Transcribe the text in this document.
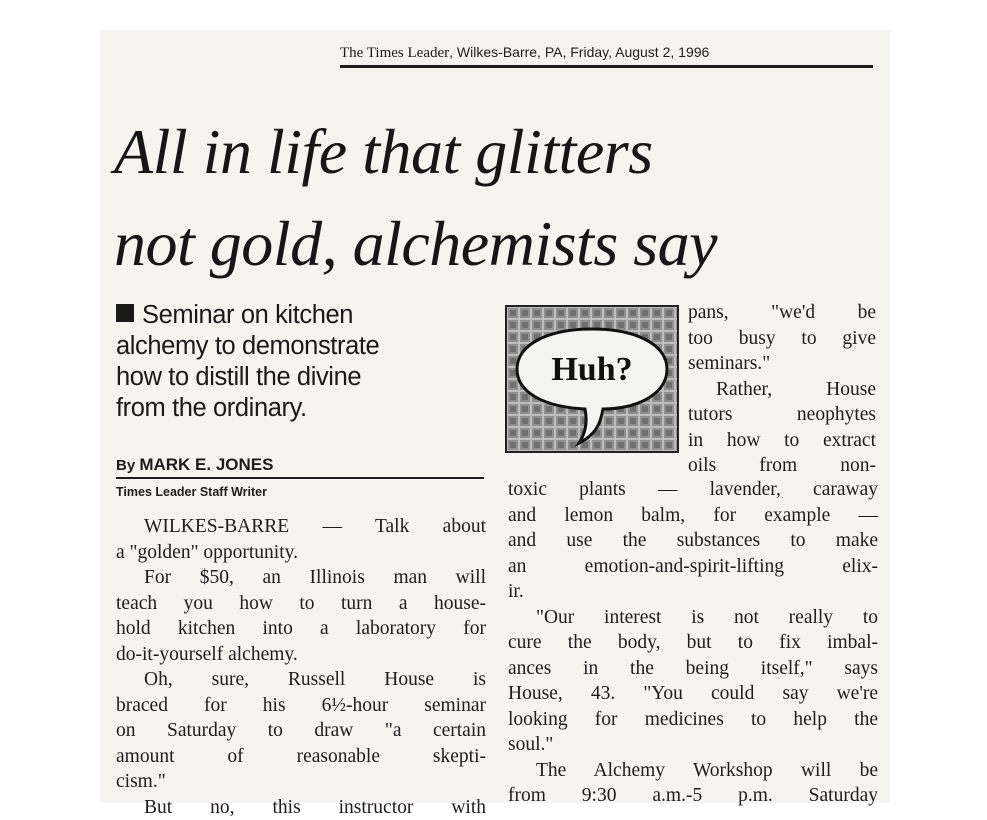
The Times Leader, Wilkes-Barre, PA, Friday, August 2, 1996
All in life that glitters
not gold, alchemists say
Seminar on kitchen
alchemy to demonstrate
how to distill the divine
from the ordinary.
By MARK E. JONES
Times Leader Staff Writer
WILKES-BARRE — Talk about
a "golden" opportunity.
For $50, an Illinois man will
teach you how to turn a house-
hold kitchen into a laboratory for
do-it-yourself alchemy.
Oh, sure, Russell House is
braced for his 6½-hour seminar
on Saturday to draw "a certain
amount of reasonable skepti-
cism."
But no, this instructor with
Huh?
pans, "we'd be
too busy to give
seminars."
Rather, House
tutors neophytes
in how to extract
oils from non-
toxic plants — lavender, caraway
and lemon balm, for example —
and use the substances to make
an emotion-and-spirit-lifting elix-
ir.
"Our interest is not really to
cure the body, but to fix imbal-
ances in the being itself," says
House, 43. "You could say we're
looking for medicines to help the
soul."
The Alchemy Workshop will be
from 9:30 a.m.-5 p.m. Saturday
